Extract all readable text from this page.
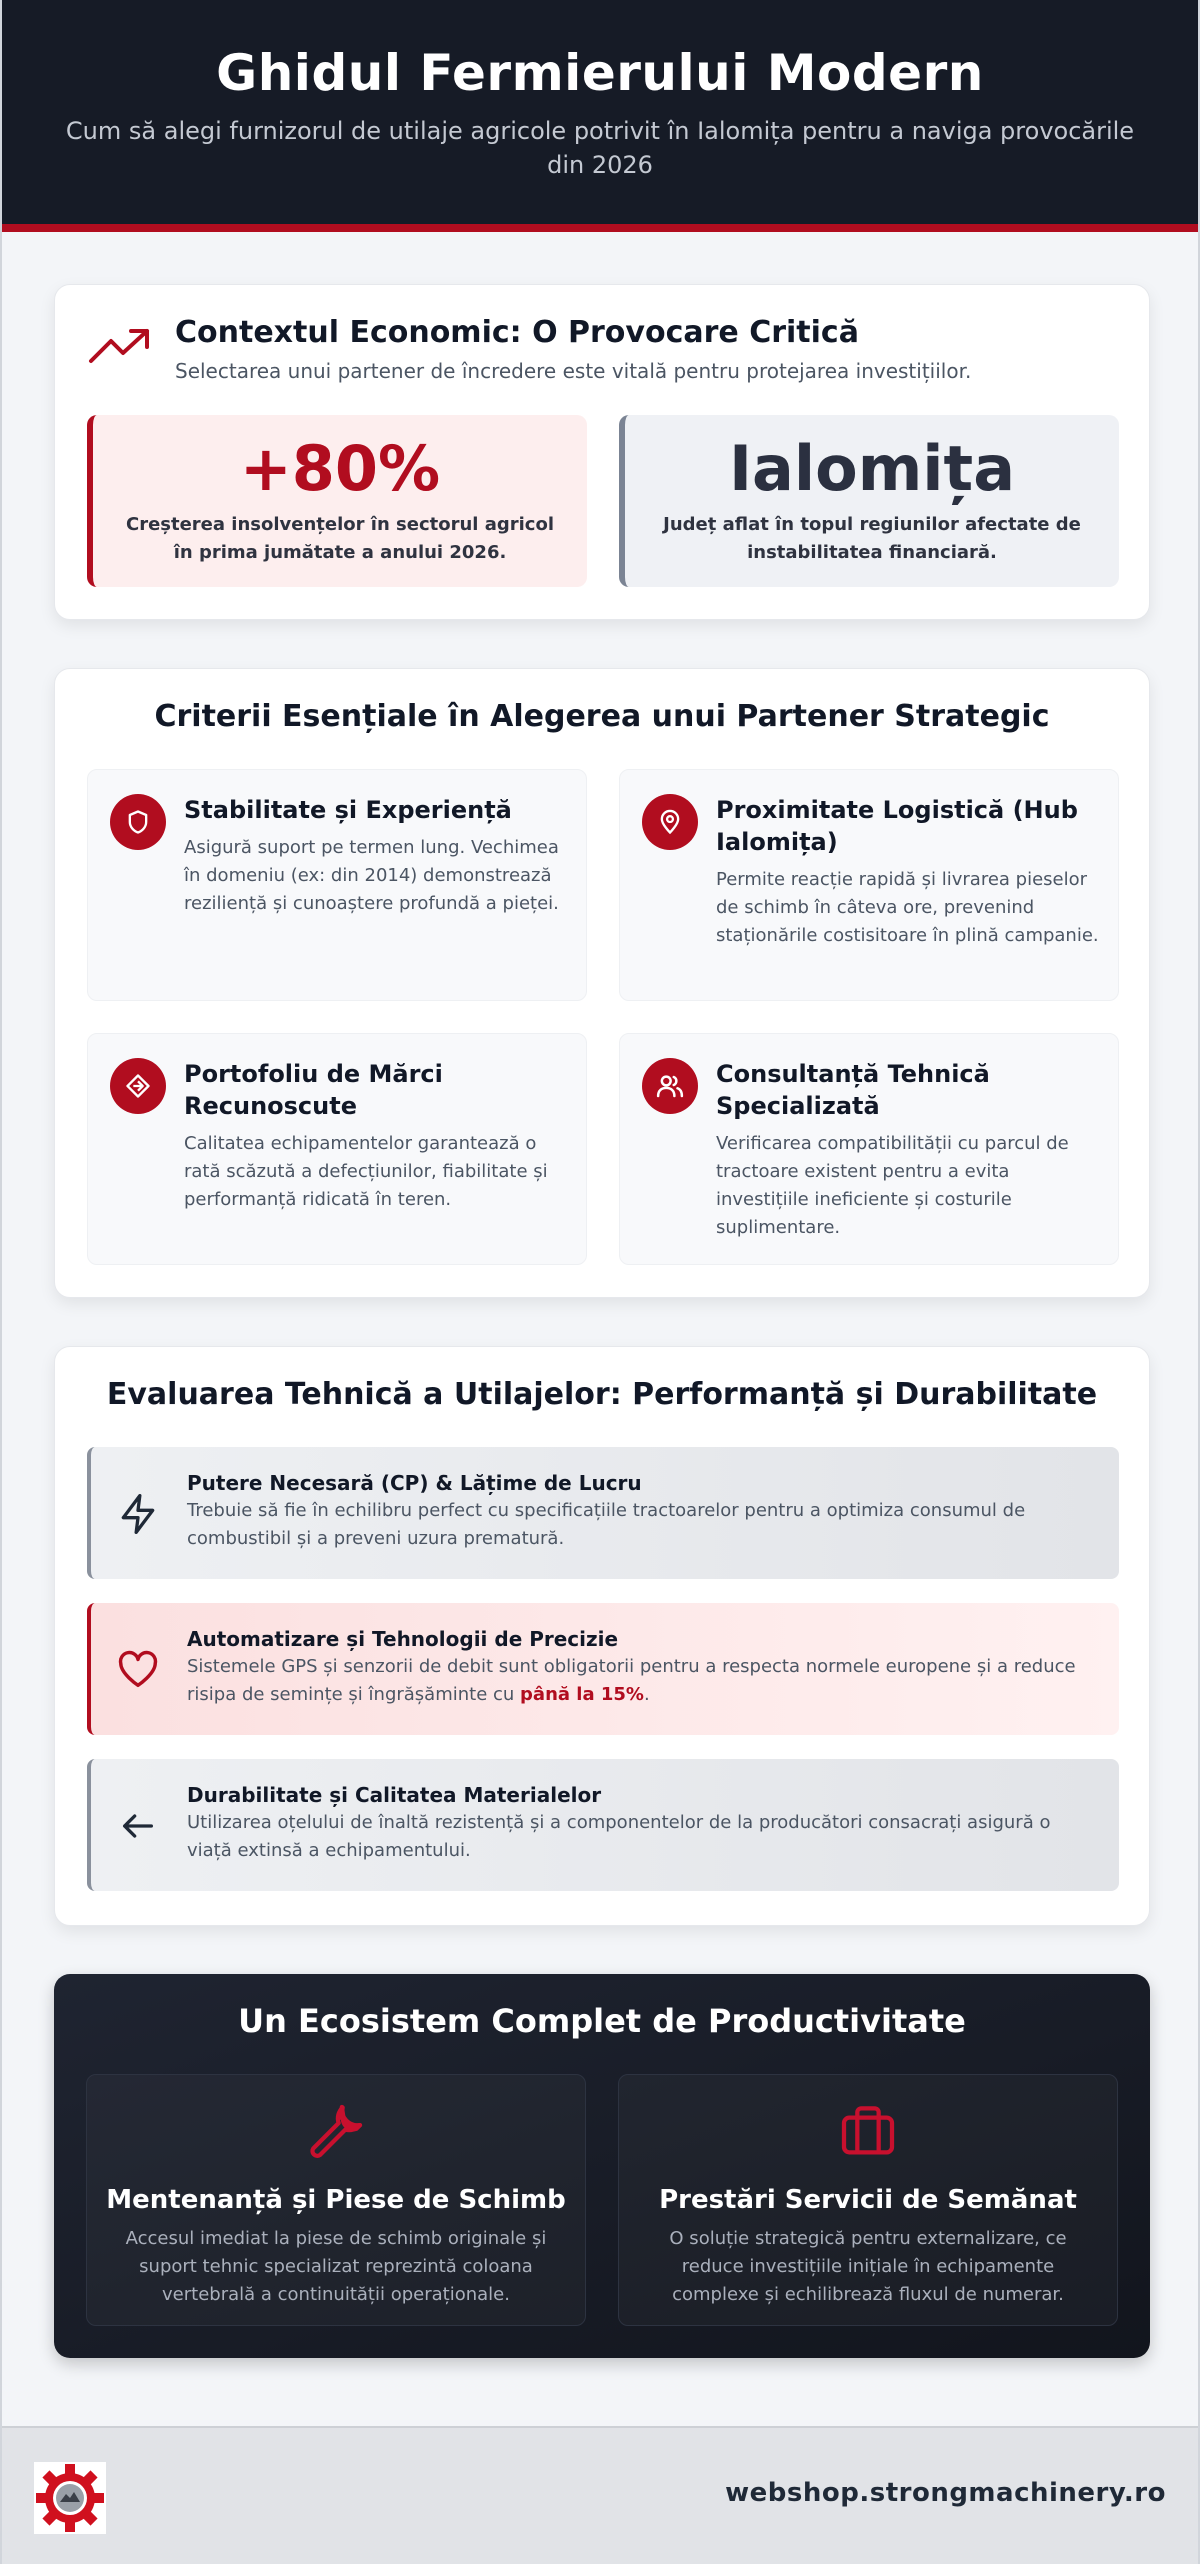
Ghidul Fermierului Modern

Cum să alegi furnizorul de utilaje agricole potrivit în Ialomița pentru a naviga provocările din 2026

Contextul Economic: O Provocare Critică
Selectarea unui partener de încredere este vitală pentru protejarea investițiilor.
+80%
Creșterea insolvențelor în sectorul agricol în prima jumătate a anului 2026.
Ialomița
Județ aflat în topul regiunilor afectate de instabilitatea financiară.
Criterii Esențiale în Alegerea unui Partener Strategic
Stabilitate și Experiență

Asigură suport pe termen lung. Vechimea în domeniu (ex: din 2014) demonstrează reziliență și cunoaștere profundă a pieței.

Proximitate Logistică (Hub Ialomița)

Permite reacție rapidă și livrarea pieselor de schimb în câteva ore, prevenind staționările costisitoare în plină campanie.

Portofoliu de Mărci Recunoscute

Calitatea echipamentelor garantează o rată scăzută a defecțiunilor, fiabilitate și performanță ridicată în teren.

Consultanță Tehnică Specializată

Verificarea compatibilității cu parcul de tractoare existent pentru a evita investițiile ineficiente și costurile suplimentare.

Evaluarea Tehnică a Utilajelor: Performanță și Durabilitate
Putere Necesară (CP) & Lățime de Lucru

Trebuie să fie în echilibru perfect cu specificațiile tractoarelor pentru a optimiza consumul de combustibil și a preveni uzura prematură.

Automatizare și Tehnologii de Precizie

Sistemele GPS și senzorii de debit sunt obligatorii pentru a respecta normele europene și a reduce risipa de semințe și îngrășăminte cu până la 15%.

Durabilitate și Calitatea Materialelor

Utilizarea oțelului de înaltă rezistență și a componentelor de la producători consacrați asigură o viață extinsă a echipamentului.

Un Ecosistem Complet de Productivitate
Mentenanță și Piese de Schimb

Accesul imediat la piese de schimb originale și suport tehnic specializat reprezintă coloana vertebrală a continuității operaționale.

Prestări Servicii de Semănat

O soluție strategică pentru externalizare, ce reduce investițiile inițiale în echipamente complexe și echilibrează fluxul de numerar.

webshop.strongmachinery.ro
